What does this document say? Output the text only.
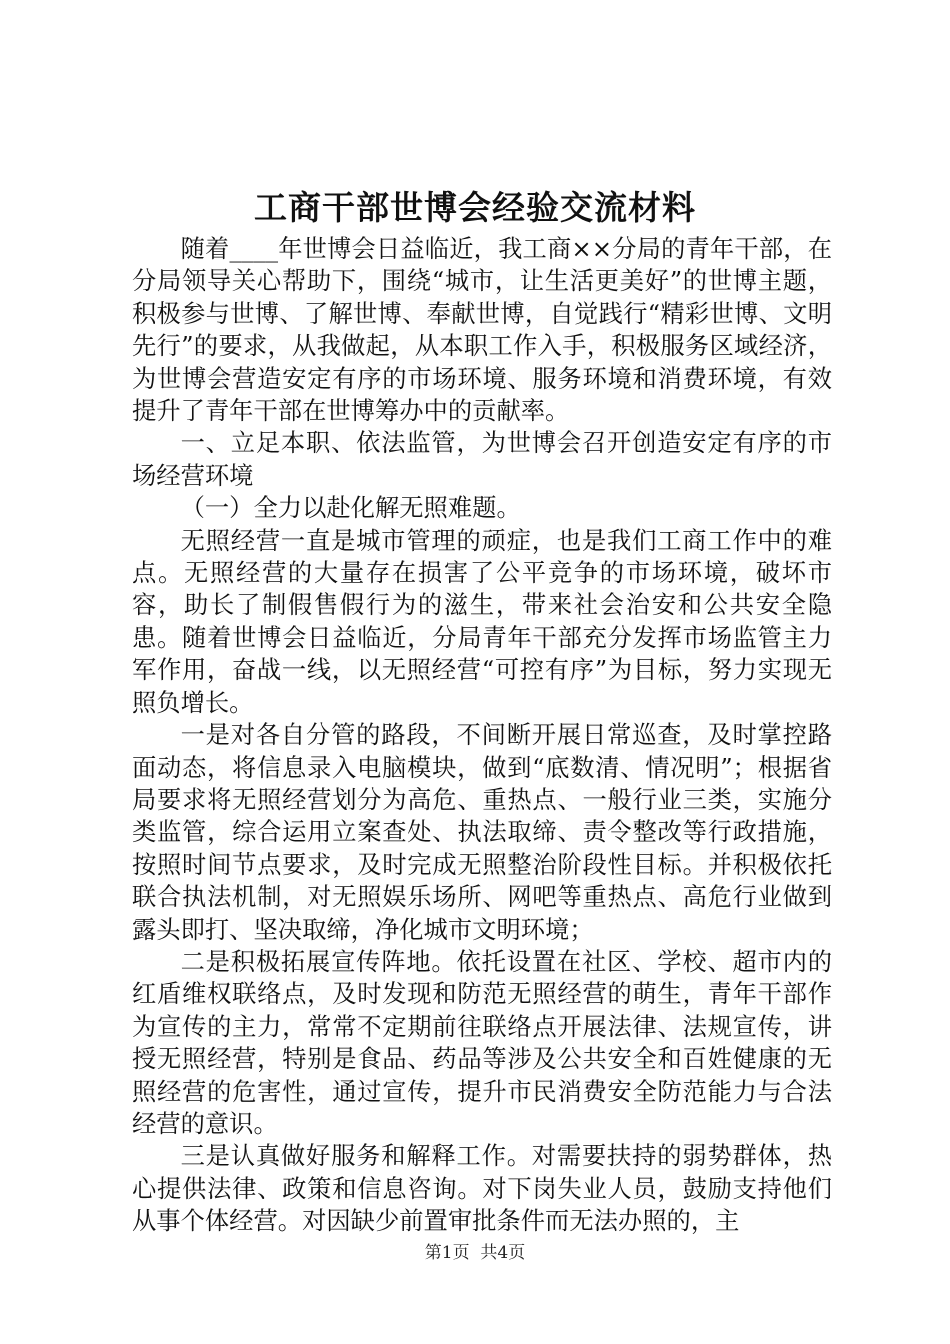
工商干部世博会经验交流材料

随着____年世博会日益临近，我工商××分局的青年干部，在分局领导关心帮助下，围绕“城市，让生活更美好”的世博主题，积极参与世博、了解世博、奉献世博，自觉践行“精彩世博、文明先行”的要求，从我做起，从本职工作入手，积极服务区域经济，为世博会营造安定有序的市场环境、服务环境和消费环境，有效提升了青年干部在世博筹办中的贡献率。

一、立足本职、依法监管，为世博会召开创造安定有序的市场经营环境

（一）全力以赴化解无照难题。

无照经营一直是城市管理的顽症，也是我们工商工作中的难点。无照经营的大量存在损害了公平竞争的市场环境，破坏市容，助长了制假售假行为的滋生，带来社会治安和公共安全隐患。随着世博会日益临近，分局青年干部充分发挥市场监管主力军作用，奋战一线，以无照经营“可控有序”为目标，努力实现无照负增长。

一是对各自分管的路段，不间断开展日常巡查，及时掌控路面动态，将信息录入电脑模块，做到“底数清、情况明”；根据省局要求将无照经营划分为高危、重热点、一般行业三类，实施分类监管，综合运用立案查处、执法取缔、责令整改等行政措施，按照时间节点要求，及时完成无照整治阶段性目标。并积极依托联合执法机制，对无照娱乐场所、网吧等重热点、高危行业做到露头即打、坚决取缔，净化城市文明环境；

二是积极拓展宣传阵地。依托设置在社区、学校、超市内的红盾维权联络点，及时发现和防范无照经营的萌生，青年干部作为宣传的主力，常常不定期前往联络点开展法律、法规宣传，讲授无照经营，特别是食品、药品等涉及公共安全和百姓健康的无照经营的危害性，通过宣传，提升市民消费安全防范能力与合法经营的意识。

三是认真做好服务和解释工作。对需要扶持的弱势群体，热心提供法律、政策和信息咨询。对下岗失业人员，鼓励支持他们从事个体经营。对因缺少前置审批条件而无法办照的，主

第1页  共4页
